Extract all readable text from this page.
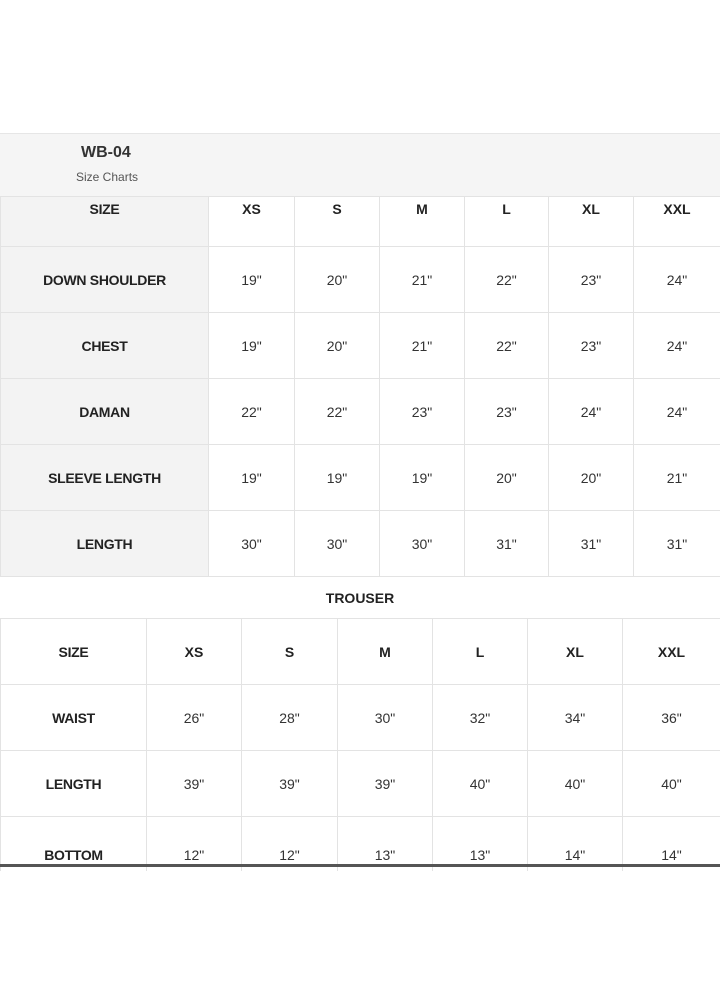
WB-04
Size Charts
SIZE	XS	S	M	L	XL	XXL
DOWN SHOULDER	19"	20"	21"	22"	23"	24"
CHEST	19"	20"	21"	22"	23"	24"
DAMAN	22"	22"	23"	23"	24"	24"
SLEEVE LENGTH	19"	19"	19"	20"	20"	21"
LENGTH	30"	30"	30"	31"	31"	31"
TROUSER
SIZE	XS	S	M	L	XL	XXL
WAIST	26"	28"	30"	32"	34"	36"
LENGTH	39"	39"	39"	40"	40"	40"
BOTTOM	12"	12"	13"	13"	14"	14"
